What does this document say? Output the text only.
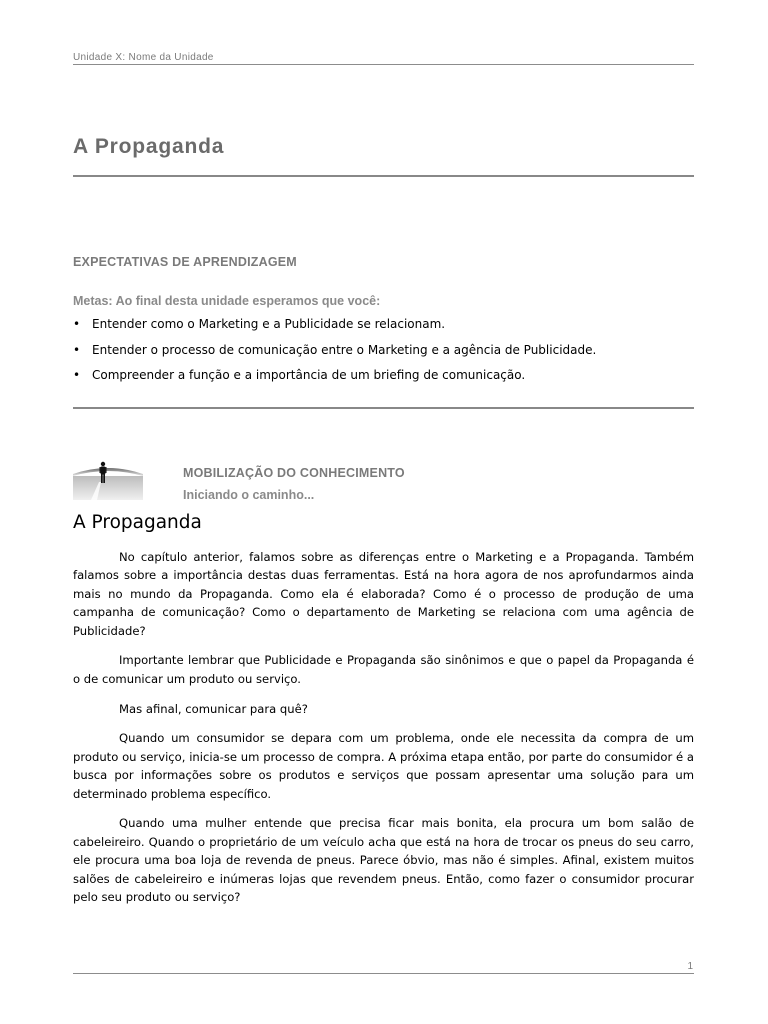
Unidade X: Nome da Unidade
A Propaganda
EXPECTATIVAS DE APRENDIZAGEM
Metas: Ao final desta unidade esperamos que você:
• Entender como o Marketing e a Publicidade se relacionam.
• Entender o processo de comunicação entre o Marketing e a agência de Publicidade.
• Compreender a função e a importância de um briefing de comunicação.
MOBILIZAÇÃO DO CONHECIMENTO
Iniciando o caminho...
A Propaganda

No capítulo anterior, falamos sobre as diferenças entre o Marketing e a Propaganda. Também falamos sobre a importância destas duas ferramentas. Está na hora agora de nos aprofundarmos ainda mais no mundo da Propaganda. Como ela é elaborada? Como é o processo de produção de uma campanha de comunicação? Como o departamento de Marketing se relaciona com uma agência de Publicidade?

Importante lembrar que Publicidade e Propaganda são sinônimos e que o papel da Propaganda é o de comunicar um produto ou serviço.

Mas afinal, comunicar para quê?

Quando um consumidor se depara com um problema, onde ele necessita da compra de um produto ou serviço, inicia-se um processo de compra. A próxima etapa então, por parte do consumidor é a busca por informações sobre os produtos e serviços que possam apresentar uma solução para um determinado problema específico.

Quando uma mulher entende que precisa ficar mais bonita, ela procura um bom salão de cabeleireiro. Quando o proprietário de um veículo acha que está na hora de trocar os pneus do seu carro, ele procura uma boa loja de revenda de pneus. Parece óbvio, mas não é simples. Afinal, existem muitos salões de cabeleireiro e inúmeras lojas que revendem pneus. Então, como fazer o consumidor procurar pelo seu produto ou serviço?

1
